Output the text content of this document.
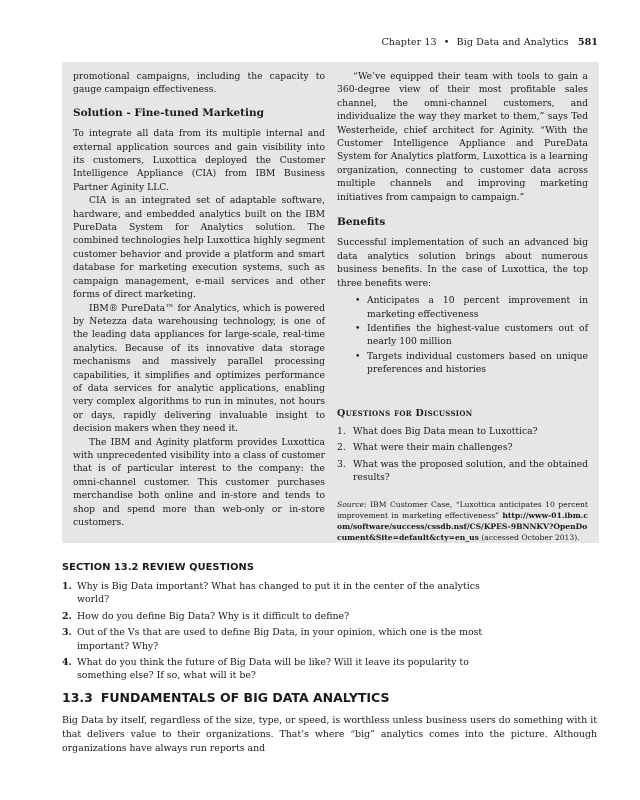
Chapter 13 • Big Data and Analytics 581

promotional campaigns, including the capacity to gauge campaign effectiveness.

Solution - Fine-tuned Marketing

To integrate all data from its multiple internal and external application sources and gain visibility into its customers, Luxottica deployed the Customer Intelligence Appliance (CIA) from IBM Business Partner Aginity LLC.

CIA is an integrated set of adaptable software, hardware, and embedded analytics built on the IBM PureData System for Analytics solution. The combined technologies help Luxottica highly segment customer behavior and provide a platform and smart database for marketing execution systems, such as campaign management, e-mail services and other forms of direct marketing.

IBM® PureData™ for Analytics, which is powered by Netezza data warehousing technology, is one of the leading data appliances for large-scale, real-time analytics. Because of its innovative data storage mechanisms and massively parallel processing capabilities, it simplifies and optimizes performance of data services for analytic applications, enabling very complex algorithms to run in minutes, not hours or days, rapidly delivering invaluable insight to decision makers when they need it.

The IBM and Aginity platform provides Luxottica with unprecedented visibility into a class of customer that is of particular interest to the company: the omni-channel customer. This customer purchases merchandise both online and in-store and tends to shop and spend more than web-only or in-store customers.

“We’ve equipped their team with tools to gain a 360-degree view of their most profitable sales channel, the omni-channel customers, and individualize the way they market to them,” says Ted Westerheide, chief architect for Aginity. “With the Customer Intelligence Appliance and PureData System for Analytics platform, Luxottica is a learning organization, connecting to customer data across multiple channels and improving marketing initiatives from campaign to campaign.”

Benefits

Successful implementation of such an advanced big data analytics solution brings about numerous business benefits. In the case of Luxottica, the top three benefits were:

• Anticipates a 10 percent improvement in marketing effectiveness
• Identifies the highest-value customers out of nearly 100 million
• Targets individual customers based on unique preferences and histories
Questions for Discussion
1. What does Big Data mean to Luxottica?
2. What were their main challenges?
3. What was the proposed solution, and the obtained results?
Source: IBM Customer Case, “Luxottica anticipates 10 percent improvement in marketing effectiveness” http://www-01.ibm.com/software/success/cssdb.nsf/CS/KPES-9BNNKV?OpenDocument&Site=default&cty=en_us (accessed October 2013).
SECTION 13.2 REVIEW QUESTIONS
1. Why is Big Data important? What has changed to put it in the center of the analytics world?
2. How do you define Big Data? Why is it difficult to define?
3. Out of the Vs that are used to define Big Data, in your opinion, which one is the most important? Why?
4. What do you think the future of Big Data will be like? Will it leave its popularity to something else? If so, what will it be?
13.3 FUNDAMENTALS OF BIG DATA ANALYTICS
Big Data by itself, regardless of the size, type, or speed, is worthless unless business users do something with it that delivers value to their organizations. That’s where “big” analytics comes into the picture. Although organizations have always run reports and
